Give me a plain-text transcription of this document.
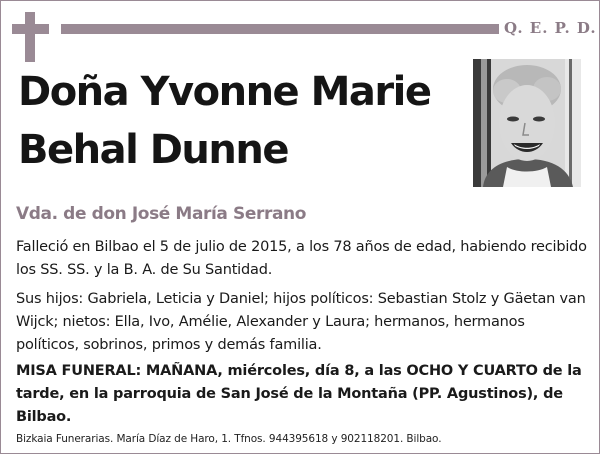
Q. E. P. D.
Doña Yvonne Marie Behal Dunne
Vda. de don José María Serrano

Falleció en Bilbao el 5 de julio de 2015, a los 78 años de edad, habiendo recibido los SS. SS. y la B. A. de Su Santidad.

Sus hijos: Gabriela, Leticia y Daniel; hijos políticos: Sebastian Stolz y Gäetan van Wijck; nietos: Ella, Ivo, Amélie, Alexander y Laura; hermanos, hermanos políticos, sobrinos, primos y demás familia.

MISA FUNERAL: MAÑANA, miércoles, día 8, a las OCHO Y CUARTO de la tarde, en la parroquia de San José de la Montaña (PP. Agustinos), de Bilbao.

Bizkaia Funerarias. María Díaz de Haro, 1. Tfnos. 944395618 y 902118201. Bilbao.
